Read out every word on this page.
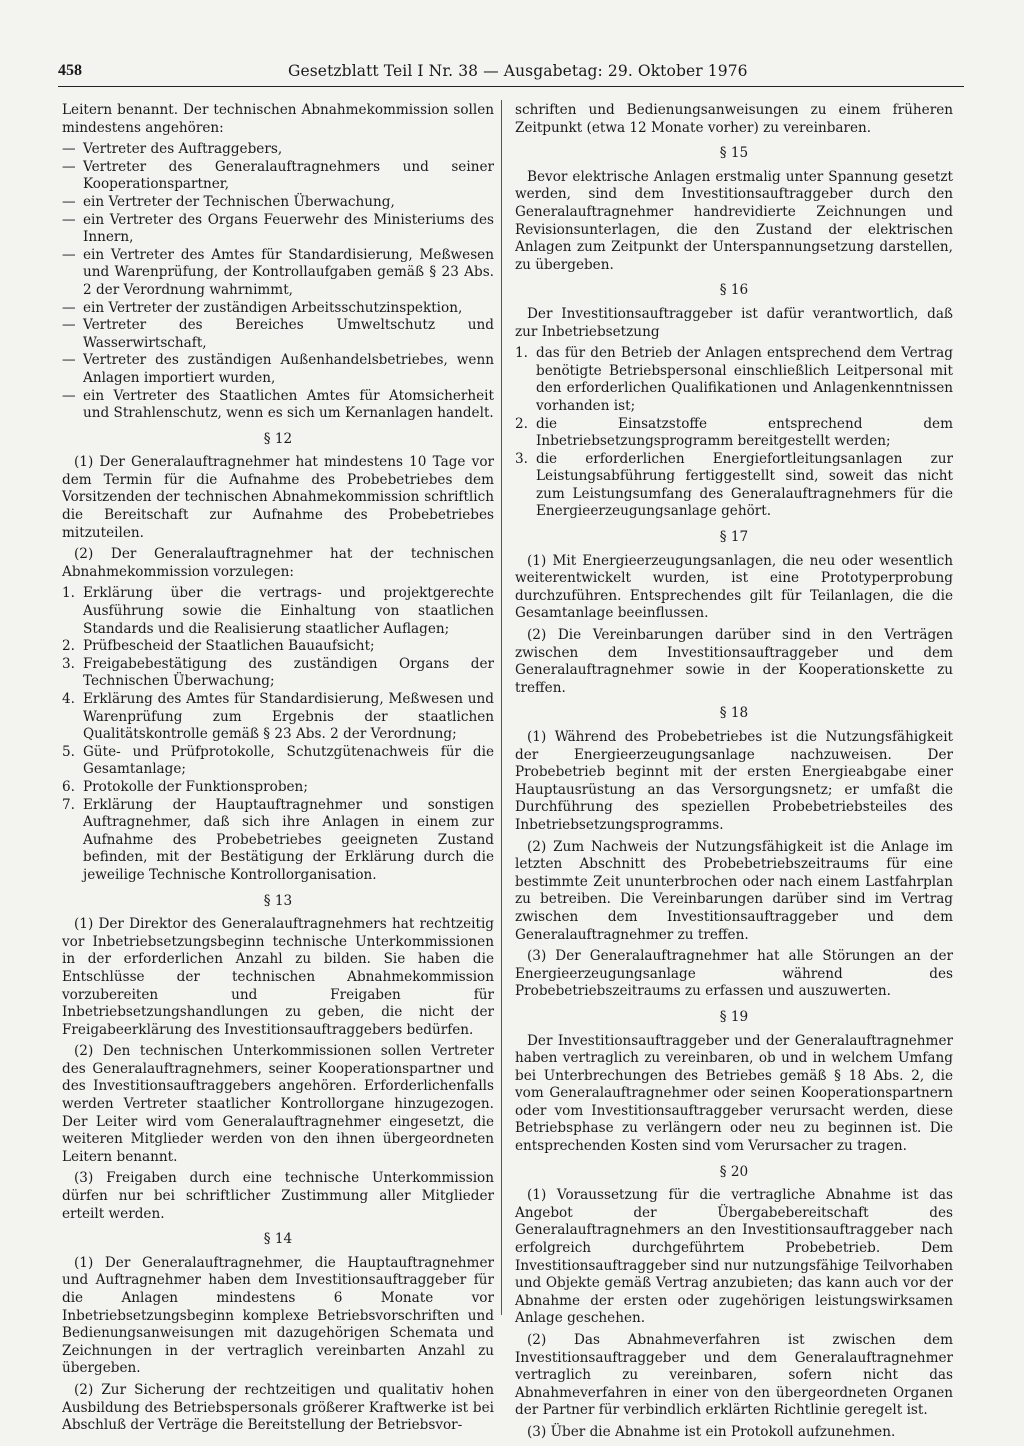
458	Gesetzblatt Teil I Nr. 38 — Ausgabetag: 29. Oktober 1976

Leitern benannt. Der technischen Abnahmekommission sollen mindestens angehören:

— Vertreter des Auftraggebers,
— Vertreter des Generalauftragnehmers und seiner Kooperationspartner,
— ein Vertreter der Technischen Überwachung,
— ein Vertreter des Organs Feuerwehr des Ministeriums des Innern,
— ein Vertreter des Amtes für Standardisierung, Meßwesen und Warenprüfung, der Kontrollaufgaben gemäß § 23 Abs. 2 der Verordnung wahrnimmt,
— ein Vertreter der zuständigen Arbeitsschutzinspektion,
— Vertreter des Bereiches Umweltschutz und Wasserwirtschaft,
— Vertreter des zuständigen Außenhandelsbetriebes, wenn Anlagen importiert wurden,
— ein Vertreter des Staatlichen Amtes für Atomsicherheit und Strahlenschutz, wenn es sich um Kernanlagen handelt.
§ 12

(1) Der Generalauftragnehmer hat mindestens 10 Tage vor dem Termin für die Aufnahme des Probebetriebes dem Vorsitzenden der technischen Abnahmekommission schriftlich die Bereitschaft zur Aufnahme des Probebetriebes mitzuteilen.

(2) Der Generalauftragnehmer hat der technischen Abnahmekommission vorzulegen:

1. Erklärung über die vertrags- und projektgerechte Ausführung sowie die Einhaltung von staatlichen Standards und die Realisierung staatlicher Auflagen;
2. Prüfbescheid der Staatlichen Bauaufsicht;
3. Freigabebestätigung des zuständigen Organs der Technischen Überwachung;
4. Erklärung des Amtes für Standardisierung, Meßwesen und Warenprüfung zum Ergebnis der staatlichen Qualitätskontrolle gemäß § 23 Abs. 2 der Verordnung;
5. Güte- und Prüfprotokolle, Schutzgütenachweis für die Gesamtanlage;
6. Protokolle der Funktionsproben;
7. Erklärung der Hauptauftragnehmer und sonstigen Auftragnehmer, daß sich ihre Anlagen in einem zur Aufnahme des Probebetriebes geeigneten Zustand befinden, mit der Bestätigung der Erklärung durch die jeweilige Technische Kontrollorganisation.
§ 13

(1) Der Direktor des Generalauftragnehmers hat rechtzeitig vor Inbetriebsetzungsbeginn technische Unterkommissionen in der erforderlichen Anzahl zu bilden. Sie haben die Entschlüsse der technischen Abnahmekommission vorzubereiten und Freigaben für Inbetriebsetzungshandlungen zu geben, die nicht der Freigabeerklärung des Investitionsauftraggebers bedürfen.

(2) Den technischen Unterkommissionen sollen Vertreter des Generalauftragnehmers, seiner Kooperationspartner und des Investitionsauftraggebers angehören. Erforderlichenfalls werden Vertreter staatlicher Kontrollorgane hinzugezogen. Der Leiter wird vom Generalauftragnehmer eingesetzt, die weiteren Mitglieder werden von den ihnen übergeordneten Leitern benannt.

(3) Freigaben durch eine technische Unterkommission dürfen nur bei schriftlicher Zustimmung aller Mitglieder erteilt werden.

§ 14

(1) Der Generalauftragnehmer, die Hauptauftragnehmer und Auftragnehmer haben dem Investitionsauftraggeber für die Anlagen mindestens 6 Monate vor Inbetriebsetzungsbeginn komplexe Betriebsvorschriften und Bedienungsanweisungen mit dazugehörigen Schemata und Zeichnungen in der vertraglich vereinbarten Anzahl zu übergeben.

(2) Zur Sicherung der rechtzeitigen und qualitativ hohen Ausbildung des Betriebspersonals größerer Kraftwerke ist bei Abschluß der Verträge die Bereitstellung der Betriebsvor-

schriften und Bedienungsanweisungen zu einem früheren Zeitpunkt (etwa 12 Monate vorher) zu vereinbaren.

§ 15

Bevor elektrische Anlagen erstmalig unter Spannung gesetzt werden, sind dem Investitionsauftraggeber durch den Generalauftragnehmer handrevidierte Zeichnungen und Revisionsunterlagen, die den Zustand der elektrischen Anlagen zum Zeitpunkt der Unterspannungsetzung darstellen, zu übergeben.

§ 16

Der Investitionsauftraggeber ist dafür verantwortlich, daß zur Inbetriebsetzung

1. das für den Betrieb der Anlagen entsprechend dem Vertrag benötigte Betriebspersonal einschließlich Leitpersonal mit den erforderlichen Qualifikationen und Anlagenkenntnissen vorhanden ist;
2. die Einsatzstoffe entsprechend dem Inbetriebsetzungsprogramm bereitgestellt werden;
3. die erforderlichen Energiefortleitungsanlagen zur Leistungsabführung fertiggestellt sind, soweit das nicht zum Leistungsumfang des Generalauftragnehmers für die Energieerzeugungsanlage gehört.
§ 17

(1) Mit Energieerzeugungsanlagen, die neu oder wesentlich weiterentwickelt wurden, ist eine Prototyperprobung durchzuführen. Entsprechendes gilt für Teilanlagen, die die Gesamtanlage beeinflussen.

(2) Die Vereinbarungen darüber sind in den Verträgen zwischen dem Investitionsauftraggeber und dem Generalauftragnehmer sowie in der Kooperationskette zu treffen.

§ 18

(1) Während des Probebetriebes ist die Nutzungsfähigkeit der Energieerzeugungsanlage nachzuweisen. Der Probebetrieb beginnt mit der ersten Energieabgabe einer Hauptausrüstung an das Versorgungsnetz; er umfaßt die Durchführung des speziellen Probebetriebsteiles des Inbetriebsetzungsprogramms.

(2) Zum Nachweis der Nutzungsfähigkeit ist die Anlage im letzten Abschnitt des Probebetriebszeitraums für eine bestimmte Zeit ununterbrochen oder nach einem Lastfahrplan zu betreiben. Die Vereinbarungen darüber sind im Vertrag zwischen dem Investitionsauftraggeber und dem Generalauftragnehmer zu treffen.

(3) Der Generalauftragnehmer hat alle Störungen an der Energieerzeugungsanlage während des Probebetriebszeitraums zu erfassen und auszuwerten.

§ 19

Der Investitionsauftraggeber und der Generalauftragnehmer haben vertraglich zu vereinbaren, ob und in welchem Umfang bei Unterbrechungen des Betriebes gemäß § 18 Abs. 2, die vom Generalauftragnehmer oder seinen Kooperationspartnern oder vom Investitionsauftraggeber verursacht werden, diese Betriebsphase zu verlängern oder neu zu beginnen ist. Die entsprechenden Kosten sind vom Verursacher zu tragen.

§ 20

(1) Voraussetzung für die vertragliche Abnahme ist das Angebot der Übergabebereitschaft des Generalauftragnehmers an den Investitionsauftraggeber nach erfolgreich durchgeführtem Probebetrieb. Dem Investitionsauftraggeber sind nur nutzungsfähige Teilvorhaben und Objekte gemäß Vertrag anzubieten; das kann auch vor der Abnahme der ersten oder zugehörigen leistungswirksamen Anlage geschehen.

(2) Das Abnahmeverfahren ist zwischen dem Investitionsauftraggeber und dem Generalauftragnehmer vertraglich zu vereinbaren, sofern nicht das Abnahmeverfahren in einer von den übergeordneten Organen der Partner für verbindlich erklärten Richtlinie geregelt ist.

(3) Über die Abnahme ist ein Protokoll aufzunehmen.
